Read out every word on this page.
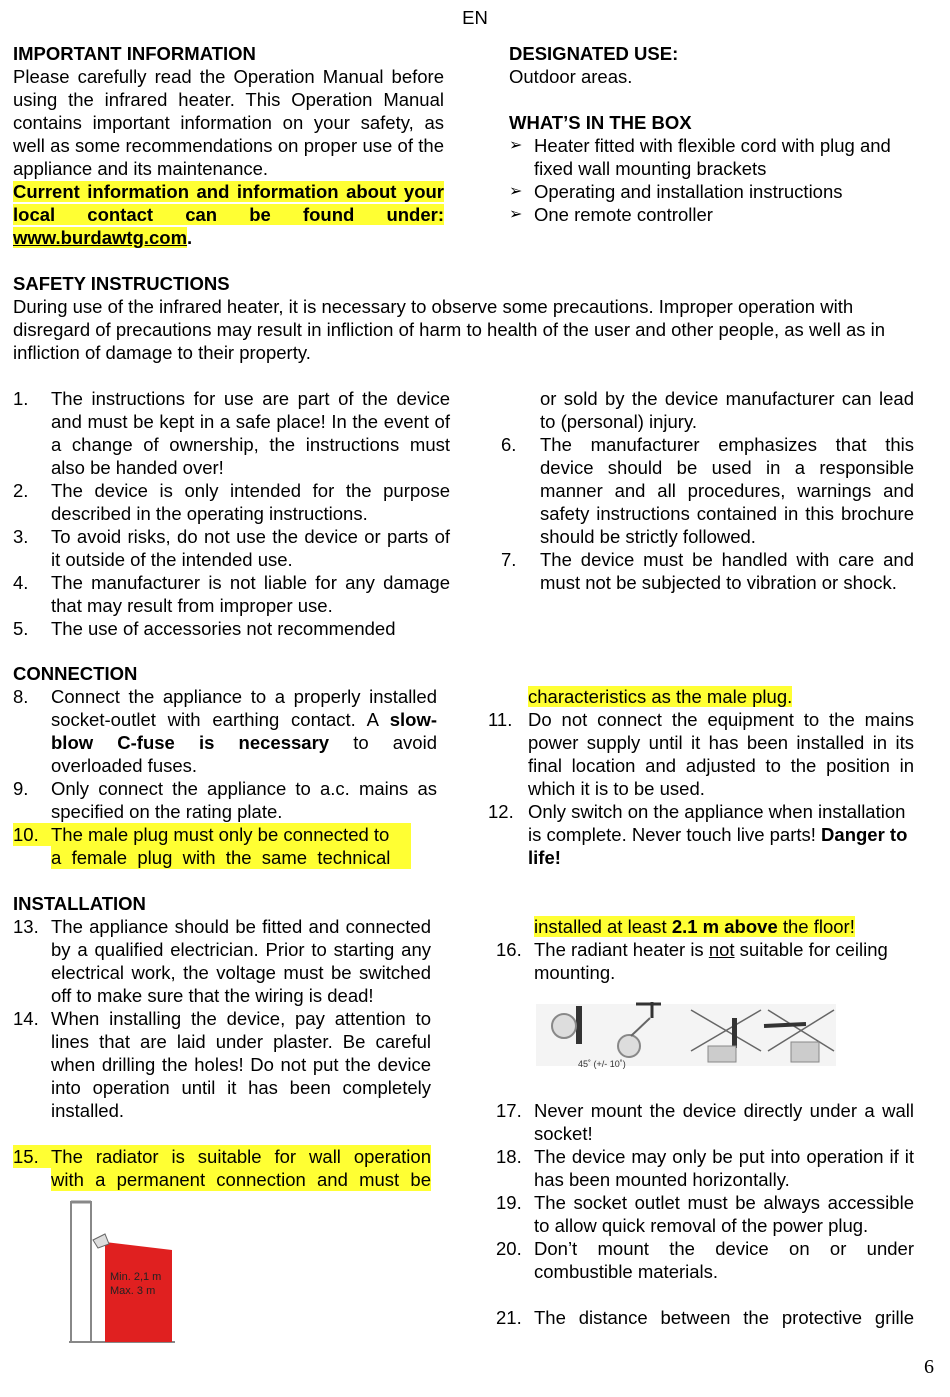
EN
IMPORTANT INFORMATION

Please carefully read the Operation Manual before using the infrared heater. This Operation Manual contains important information on your safety, as well as some recommendations on proper use of the appliance and its maintenance.

Current information and information about your local contact can be found under: www.burdawtg.com.

DESIGNATED USE:
Outdoor areas.
WHAT’S IN THE BOX
➢ Heater fitted with flexible cord with plug and fixed wall mounting brackets
➢ Operating and installation instructions
➢ One remote controller
SAFETY INSTRUCTIONS

During use of the infrared heater, it is necessary to observe some precautions. Improper operation with disregard of precautions may result in infliction of harm to health of the user and other people, as well as in infliction of damage to their property.

1. The instructions for use are part of the device and must be kept in a safe place! In the event of a change of ownership, the instructions must also be handed over!
2. The device is only intended for the purpose described in the operating instructions.
3. To avoid risks, do not use the device or parts of it outside of the intended use.
4. The manufacturer is not liable for any damage that may result from improper use.
5. The use of accessories not recommended
or sold by the device manufacturer can lead to (personal) injury.
6. The manufacturer emphasizes that this device should be used in a responsible manner and all procedures, warnings and safety instructions contained in this brochure should be strictly followed.
7. The device must be handled with care and must not be subjected to vibration or shock.
CONNECTION
8. Connect the appliance to a properly installed socket-outlet with earthing contact. A slow-blow C-fuse is necessary to avoid overloaded fuses.
9. Only connect the appliance to a.c. mains as specified on the rating plate.
10. The male plug must only be connected to
a  female  plug  with  the  same  technical
characteristics as the male plug.
11. Do not connect the equipment to the mains power supply until it has been installed in its final location and adjusted to the position in which it is to be used.
12. Only switch on the appliance when installation is complete. Never touch live parts! Danger to life!
INSTALLATION
13. The appliance should be fitted and connected by a qualified electrician. Prior to starting any electrical work, the voltage must be switched off to make sure that the wiring is dead!
14. When installing the device, pay attention to lines that are laid under plaster. Be careful when drilling the holes! Do not put the device into operation until it has been completely installed.
15. The radiator is suitable for wall operation
with a permanent connection and must be
Min. 2,1 m
Max. 3 m
installed at least 2.1 m above the floor!
16. The radiant heater is not suitable for ceiling mounting.
45˚ (+/- 10˚)
17. Never mount the device directly under a wall socket!
18. The device may only be put into operation if it has been mounted horizontally.
19. The socket outlet must be always accessible to allow quick removal of the power plug.
20. Don’t mount the device on or under combustible materials.
21. The distance between the protective grille
6
